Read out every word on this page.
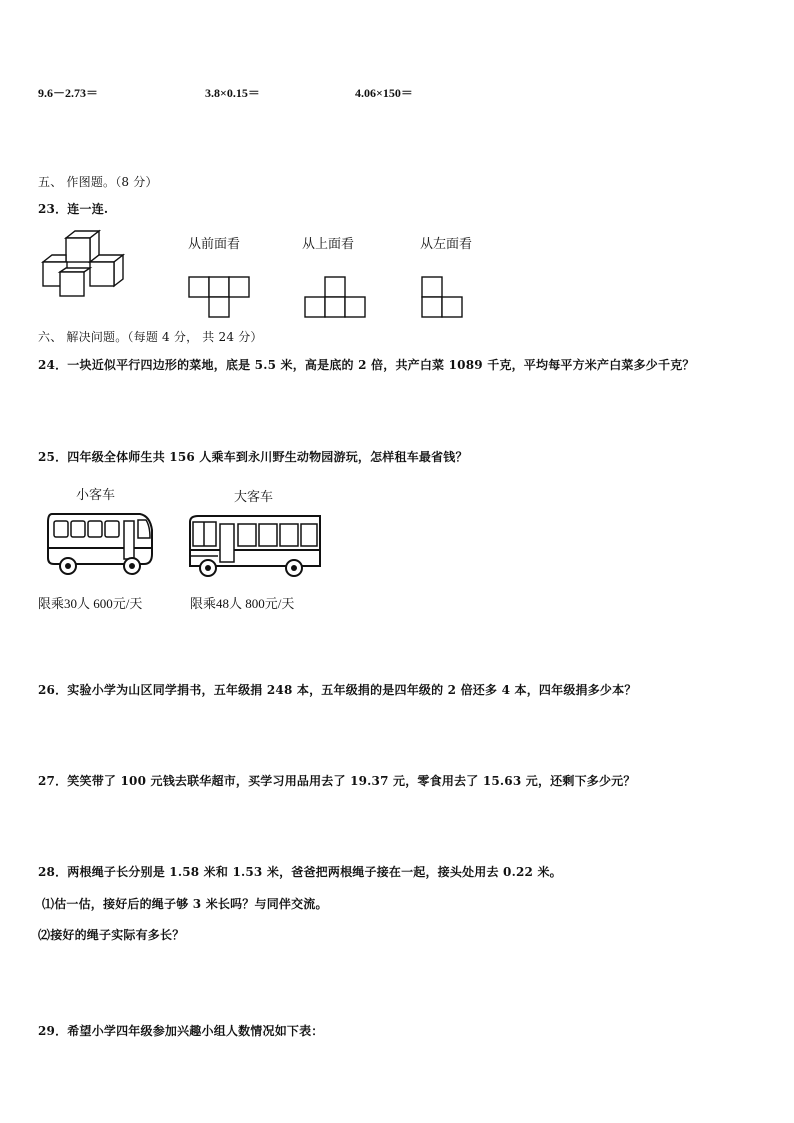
9.6－2.73＝	3.8×0.15＝	4.06×150＝
五、 作图题。（8 分）
23．连一连.
从前面看	从上面看	从左面看
六、 解决问题。（每题 4 分， 共 24 分）
24．一块近似平行四边形的菜地，底是 5.5 米，高是底的 2 倍，共产白菜 1089 千克，平均每平方米产白菜多少千克？
25．四年级全体师生共 156 人乘车到永川野生动物园游玩，怎样租车最省钱？
小客车	大客车
限乘30人 600元/天	限乘48人 800元/天
26．实验小学为山区同学捐书，五年级捐 248 本，五年级捐的是四年级的 2 倍还多 4 本，四年级捐多少本？
27．笑笑带了 100 元钱去联华超市，买学习用品用去了 19.37 元，零食用去了 15.63 元，还剩下多少元？
28．两根绳子长分别是 1.58 米和 1.53 米，爸爸把两根绳子接在一起，接头处用去 0.22 米。
⑴估一估，接好后的绳子够 3 米长吗？与同伴交流。
⑵接好的绳子实际有多长？
29．希望小学四年级参加兴趣小组人数情况如下表：
